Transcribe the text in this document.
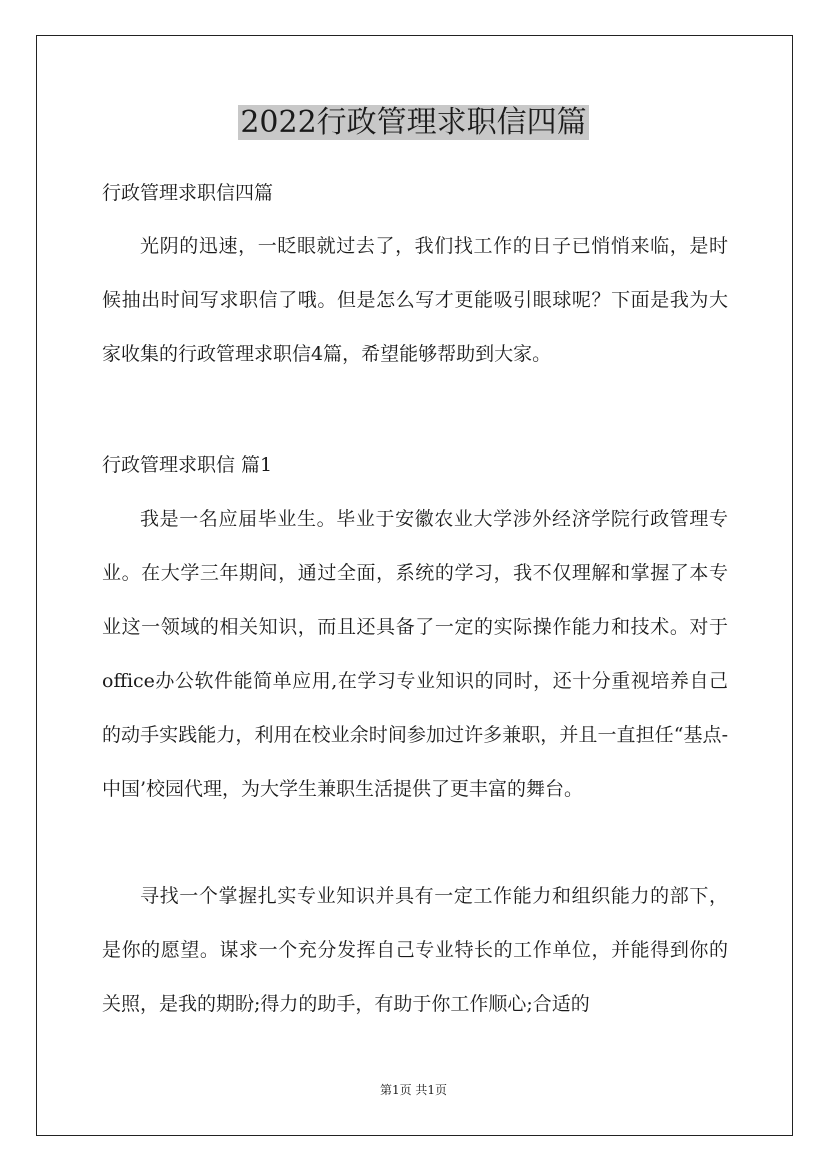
2022行政管理求职信四篇

行政管理求职信四篇

光阴的迅速，一眨眼就过去了，我们找工作的日子已悄悄来临，是时候抽出时间写求职信了哦。但是怎么写才更能吸引眼球呢？下面是我为大家收集的行政管理求职信4篇，希望能够帮助到大家。

行政管理求职信 篇1

我是一名应届毕业生。毕业于安徽农业大学涉外经济学院行政管理专业。在大学三年期间，通过全面，系统的学习，我不仅理解和掌握了本专业这一领域的相关知识，而且还具备了一定的实际操作能力和技术。对于office办公软件能简单应用,在学习专业知识的同时，还十分重视培养自己的动手实践能力，利用在校业余时间参加过许多兼职，并且一直担任“基点-中国’校园代理，为大学生兼职生活提供了更丰富的舞台。

寻找一个掌握扎实专业知识并具有一定工作能力和组织能力的部下，是你的愿望。谋求一个充分发挥自己专业特长的工作单位，并能得到你的关照，是我的期盼;得力的助手，有助于你工作顺心;合适的

第1页 共1页
